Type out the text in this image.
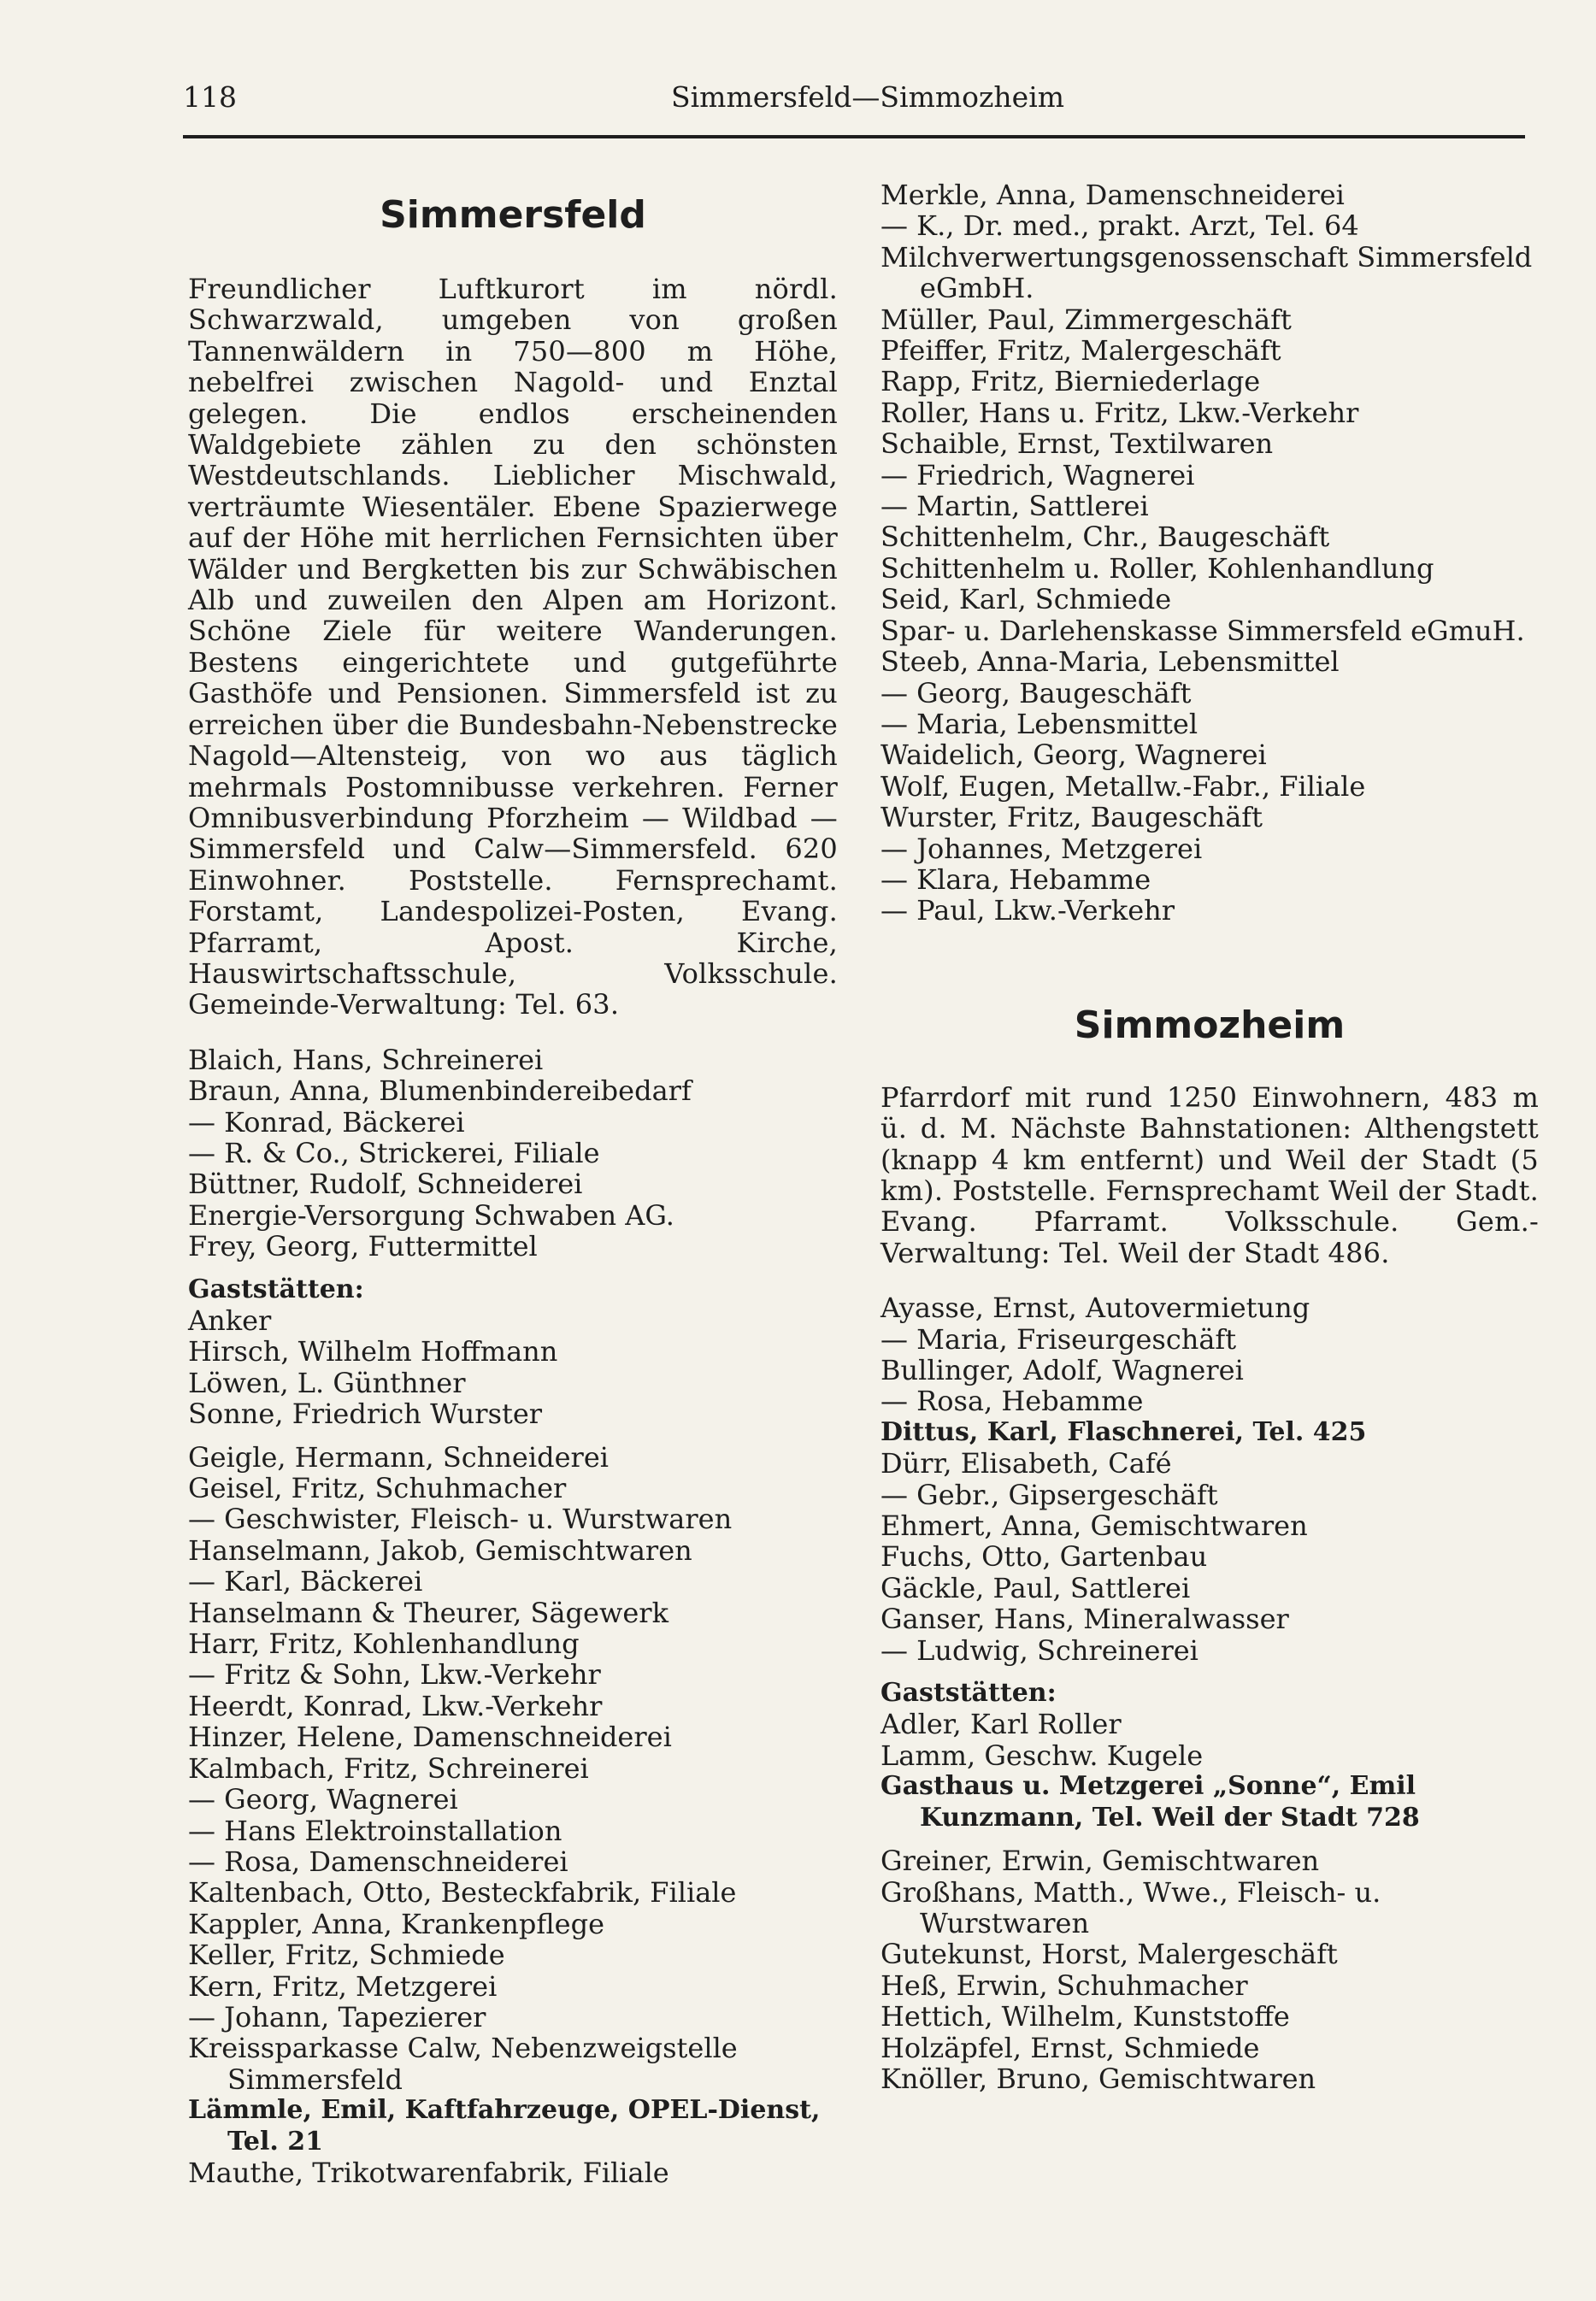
118	Simmersfeld—Simmozheim
Simmersfeld

Freundlicher Luftkurort im nördl. Schwarzwald, umgeben von großen Tannenwäldern in 750—800 m Höhe, nebelfrei zwischen Nagold- und Enztal gelegen. Die endlos erscheinenden Waldgebiete zählen zu den schönsten Westdeutschlands. Lieblicher Mischwald, verträumte Wiesentäler. Ebene Spazierwege auf der Höhe mit herrlichen Fernsichten über Wälder und Bergketten bis zur Schwäbischen Alb und zuweilen den Alpen am Horizont. Schöne Ziele für weitere Wanderungen. Bestens eingerichtete und gutgeführte Gasthöfe und Pensionen. Simmersfeld ist zu erreichen über die Bundesbahn-Nebenstrecke Nagold—Altensteig, von wo aus täglich mehrmals Postomnibusse verkehren. Ferner Omnibusverbindung Pforzheim — Wildbad — Simmersfeld und Calw—Simmersfeld. 620 Einwohner. Poststelle. Fernsprechamt. Forstamt, Landespolizei-Posten, Evang. Pfarramt, Apost. Kirche, Hauswirtschaftsschule, Volksschule. Gemeinde-Verwaltung: Tel. 63.

Blaich, Hans, Schreinerei
Braun, Anna, Blumenbindereibedarf
— Konrad, Bäckerei
— R. & Co., Strickerei, Filiale
Büttner, Rudolf, Schneiderei
Energie-Versorgung Schwaben AG.
Frey, Georg, Futtermittel
Gaststätten:
Anker
Hirsch, Wilhelm Hoffmann
Löwen, L. Günthner
Sonne, Friedrich Wurster
Geigle, Hermann, Schneiderei
Geisel, Fritz, Schuhmacher
— Geschwister, Fleisch- u. Wurstwaren
Hanselmann, Jakob, Gemischtwaren
— Karl, Bäckerei
Hanselmann & Theurer, Sägewerk
Harr, Fritz, Kohlenhandlung
— Fritz & Sohn, Lkw.-Verkehr
Heerdt, Konrad, Lkw.-Verkehr
Hinzer, Helene, Damenschneiderei
Kalmbach, Fritz, Schreinerei
— Georg, Wagnerei
— Hans Elektroinstallation
— Rosa, Damenschneiderei
Kaltenbach, Otto, Besteckfabrik, Filiale
Kappler, Anna, Krankenpflege
Keller, Fritz, Schmiede
Kern, Fritz, Metzgerei
— Johann, Tapezierer
Kreissparkasse Calw, Nebenzweigstelle Simmersfeld
Lämmle, Emil, Kaftfahrzeuge, OPEL-Dienst, Tel. 21
Mauthe, Trikotwarenfabrik, Filiale
Merkle, Anna, Damenschneiderei
— K., Dr. med., prakt. Arzt, Tel. 64
Milchverwertungsgenossenschaft Simmersfeld eGmbH.
Müller, Paul, Zimmergeschäft
Pfeiffer, Fritz, Malergeschäft
Rapp, Fritz, Bierniederlage
Roller, Hans u. Fritz, Lkw.-Verkehr
Schaible, Ernst, Textilwaren
— Friedrich, Wagnerei
— Martin, Sattlerei
Schittenhelm, Chr., Baugeschäft
Schittenhelm u. Roller, Kohlenhandlung
Seid, Karl, Schmiede
Spar- u. Darlehenskasse Simmersfeld eGmuH.
Steeb, Anna-Maria, Lebensmittel
— Georg, Baugeschäft
— Maria, Lebensmittel
Waidelich, Georg, Wagnerei
Wolf, Eugen, Metallw.-Fabr., Filiale
Wurster, Fritz, Baugeschäft
— Johannes, Metzgerei
— Klara, Hebamme
— Paul, Lkw.-Verkehr
Simmozheim

Pfarrdorf mit rund 1250 Einwohnern, 483 m ü. d. M. Nächste Bahnstationen: Althengstett (knapp 4 km entfernt) und Weil der Stadt (5 km). Poststelle. Fernsprechamt Weil der Stadt. Evang. Pfarramt. Volksschule. Gem.-Verwaltung: Tel. Weil der Stadt 486.

Ayasse, Ernst, Autovermietung
— Maria, Friseurgeschäft
Bullinger, Adolf, Wagnerei
— Rosa, Hebamme
Dittus, Karl, Flaschnerei, Tel. 425
Dürr, Elisabeth, Café
— Gebr., Gipsergeschäft
Ehmert, Anna, Gemischtwaren
Fuchs, Otto, Gartenbau
Gäckle, Paul, Sattlerei
Ganser, Hans, Mineralwasser
— Ludwig, Schreinerei
Gaststätten:
Adler, Karl Roller
Lamm, Geschw. Kugele
Gasthaus u. Metzgerei „Sonne“, Emil Kunzmann, Tel. Weil der Stadt 728
Greiner, Erwin, Gemischtwaren
Großhans, Matth., Wwe., Fleisch- u. Wurstwaren
Gutekunst, Horst, Malergeschäft
Heß, Erwin, Schuhmacher
Hettich, Wilhelm, Kunststoffe
Holzäpfel, Ernst, Schmiede
Knöller, Bruno, Gemischtwaren
